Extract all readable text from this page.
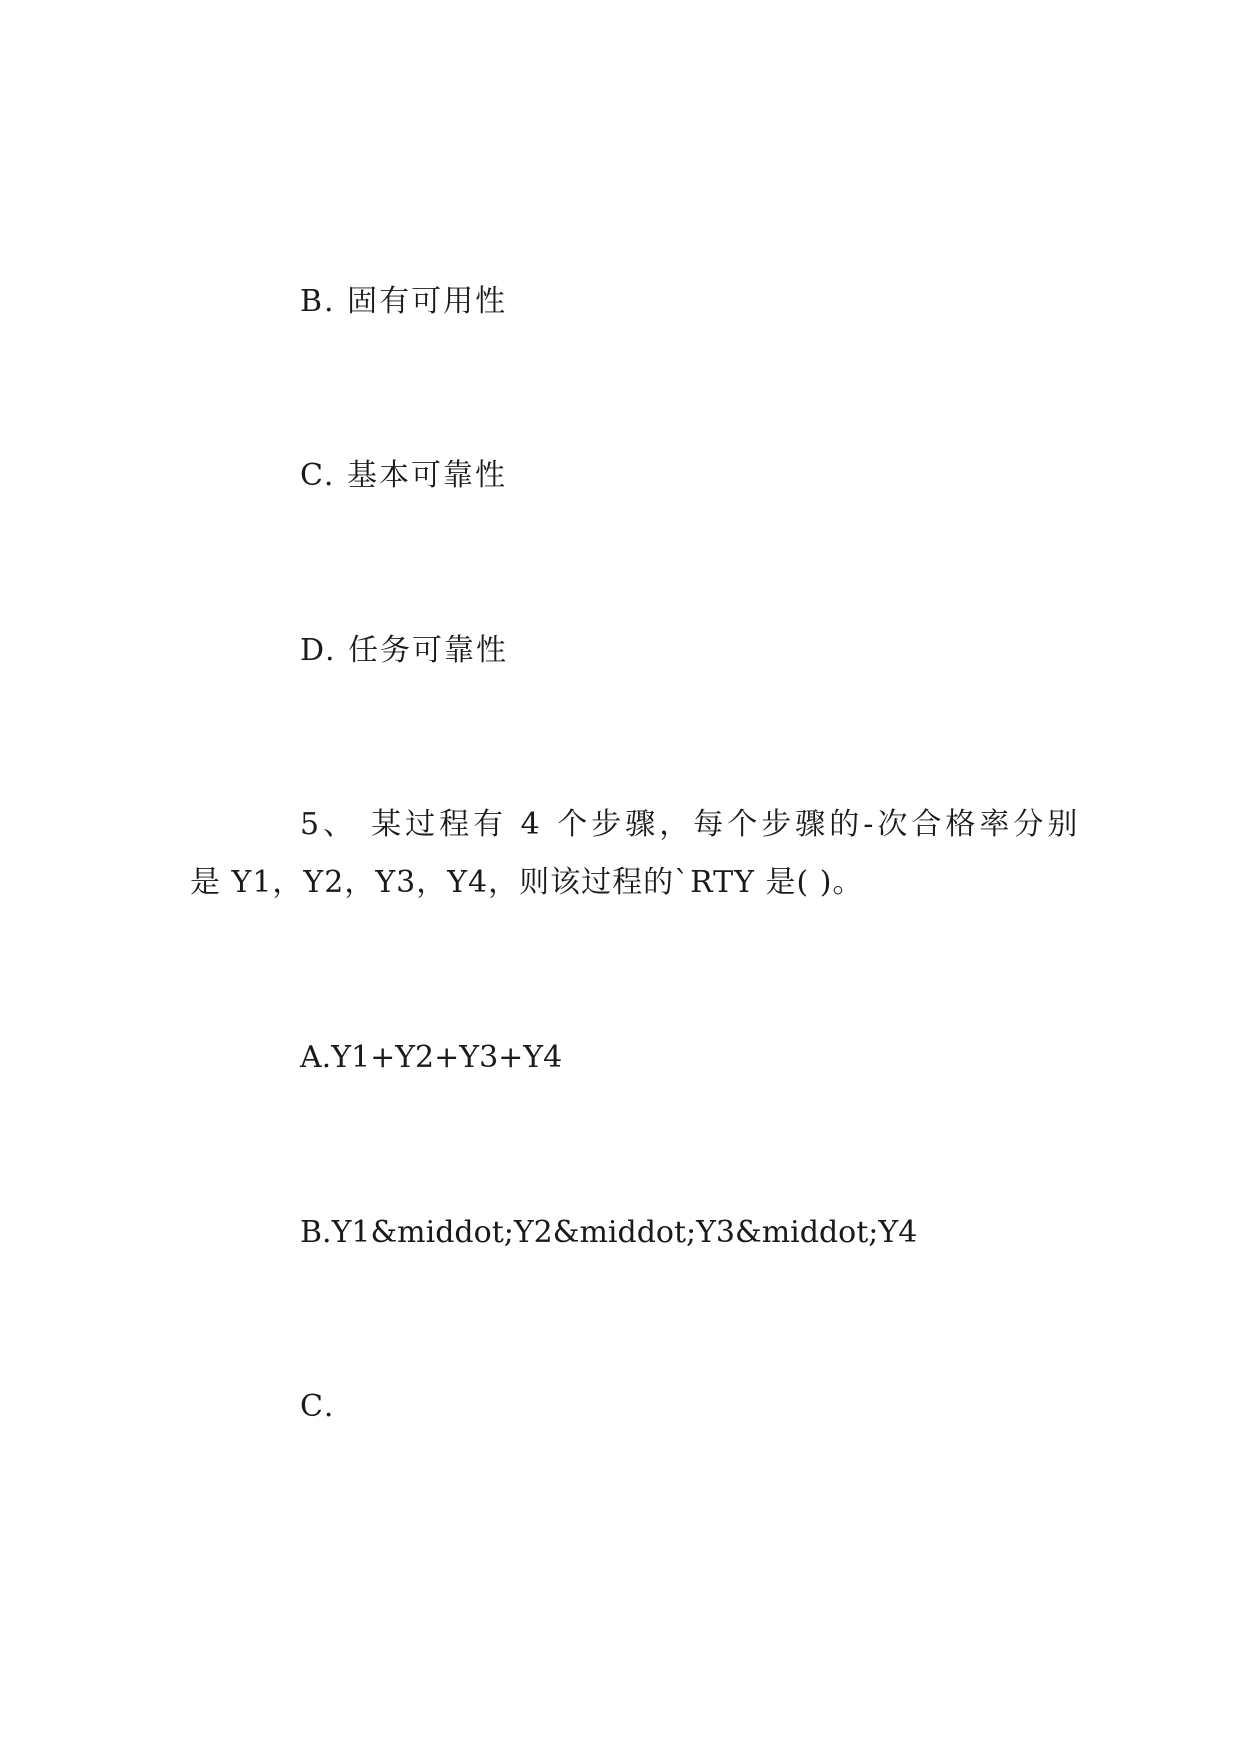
B. 固有可用性
C. 基本可靠性
D. 任务可靠性
5、 某过程有 4 个步骤，每个步骤的-次合格率分别
是 Y1，Y2，Y3，Y4，则该过程的`RTY 是( )。
A.Y1+Y2+Y3+Y4
B.Y1&middot;Y2&middot;Y3&middot;Y4
C.
